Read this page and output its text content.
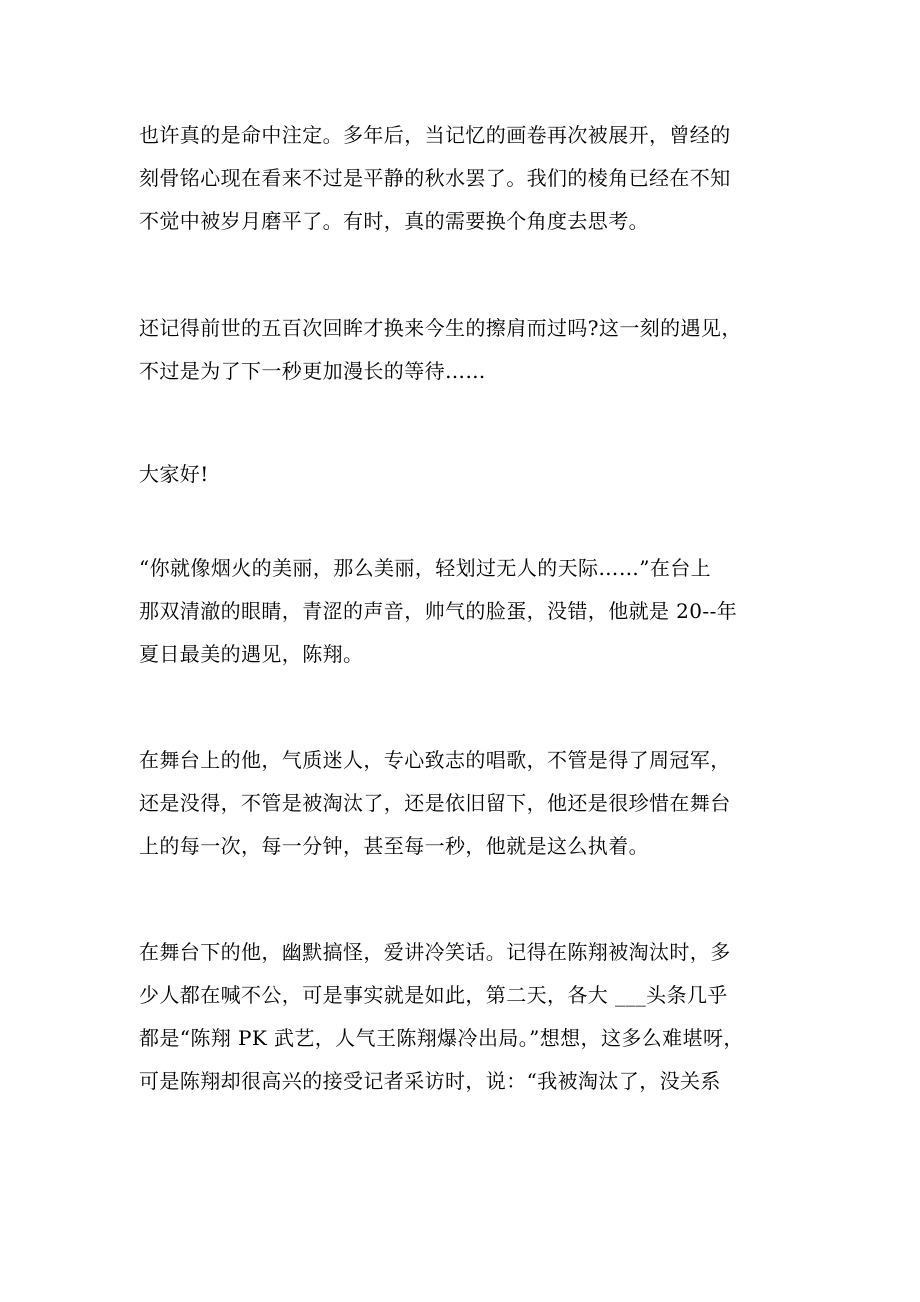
也许真的是命中注定。多年后，当记忆的画卷再次被展开，曾经的
刻骨铭心现在看来不过是平静的秋水罢了。我们的棱角已经在不知
不觉中被岁月磨平了。有时，真的需要换个角度去思考。
还记得前世的五百次回眸才换来今生的擦肩而过吗?这一刻的遇见，
不过是为了下一秒更加漫长的等待……
大家好!
“你就像烟火的美丽，那么美丽，轻划过无人的天际……”在台上
那双清澈的眼睛，青涩的声音，帅气的脸蛋，没错，他就是 20--年
夏日最美的遇见，陈翔。
在舞台上的他，气质迷人，专心致志的唱歌，不管是得了周冠军，
还是没得，不管是被淘汰了，还是依旧留下，他还是很珍惜在舞台
上的每一次，每一分钟，甚至每一秒，他就是这么执着。
在舞台下的他，幽默搞怪，爱讲冷笑话。记得在陈翔被淘汰时，多
少人都在喊不公，可是事实就是如此，第二天，各大 ___头条几乎
都是“陈翔 PK 武艺，人气王陈翔爆冷出局。”想想，这多么难堪呀，
可是陈翔却很高兴的接受记者采访时，说：“我被淘汰了，没关系
